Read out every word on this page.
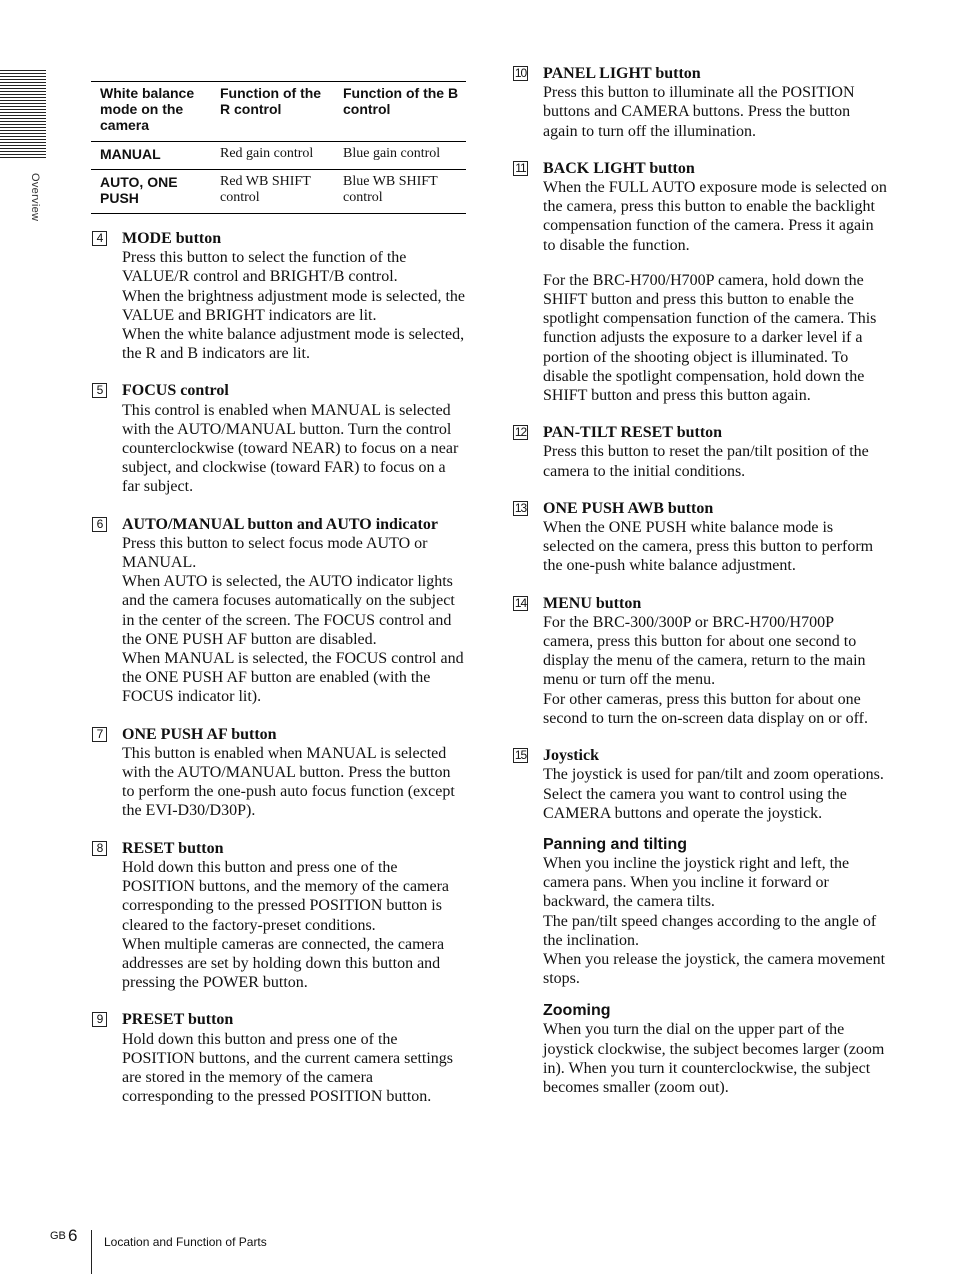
Overview
White balance mode on the camera	Function of the R control	Function of the B control
MANUAL	Red gain control	Blue gain control
AUTO, ONE PUSH	Red WB SHIFT control	Blue WB SHIFT control
4 MODE button

Press this button to select the function of the VALUE/R control and BRIGHT/B control.

When the brightness adjustment mode is selected, the VALUE and BRIGHT indicators are lit.

When the white balance adjustment mode is selected, the R and B indicators are lit.

5 FOCUS control

This control is enabled when MANUAL is selected with the AUTO/MANUAL button. Turn the control counterclockwise (toward NEAR) to focus on a near subject, and clockwise (toward FAR) to focus on a far subject.

6 AUTO/MANUAL button and AUTO indicator

Press this button to select focus mode AUTO or MANUAL.

When AUTO is selected, the AUTO indicator lights and the camera focuses automatically on the subject in the center of the screen. The FOCUS control and the ONE PUSH AF button are disabled.

When MANUAL is selected, the FOCUS control and the ONE PUSH AF button are enabled (with the FOCUS indicator lit).

7 ONE PUSH AF button

This button is enabled when MANUAL is selected with the AUTO/MANUAL button. Press the button to perform the one-push auto focus function (except the EVI-D30/D30P).

8 RESET button

Hold down this button and press one of the POSITION buttons, and the memory of the camera corresponding to the pressed POSITION button is cleared to the factory-preset conditions.

When multiple cameras are connected, the camera addresses are set by holding down this button and pressing the POWER button.

9 PRESET button

Hold down this button and press one of the POSITION buttons, and the current camera settings are stored in the memory of the camera corresponding to the pressed POSITION button.

10 PANEL LIGHT button

Press this button to illuminate all the POSITION buttons and CAMERA buttons. Press the button again to turn off the illumination.

11 BACK LIGHT button

When the FULL AUTO exposure mode is selected on the camera, press this button to enable the backlight compensation function of the camera. Press it again to disable the function.

For the BRC-H700/H700P camera, hold down the SHIFT button and press this button to enable the spotlight compensation function of the camera. This function adjusts the exposure to a darker level if a portion of the shooting object is illuminated. To disable the spotlight compensation, hold down the SHIFT button and press this button again.

12 PAN-TILT RESET button

Press this button to reset the pan/tilt position of the camera to the initial conditions.

13 ONE PUSH AWB button

When the ONE PUSH white balance mode is selected on the camera, press this button to perform the one-push white balance adjustment.

14 MENU button

For the BRC-300/300P or BRC-H700/H700P camera, press this button for about one second to display the menu of the camera, return to the main menu or turn off the menu.

For other cameras, press this button for about one second to turn the on-screen data display on or off.

15 Joystick

The joystick is used for pan/tilt and zoom operations. Select the camera you want to control using the CAMERA buttons and operate the joystick.

Panning and tilting

When you incline the joystick right and left, the camera pans. When you incline it forward or backward, the camera tilts.

The pan/tilt speed changes according to the angle of the inclination.

When you release the joystick, the camera movement stops.

Zooming

When you turn the dial on the upper part of the joystick clockwise, the subject becomes larger (zoom in). When you turn it counterclockwise, the subject becomes smaller (zoom out).

GB 6 Location and Function of Parts
